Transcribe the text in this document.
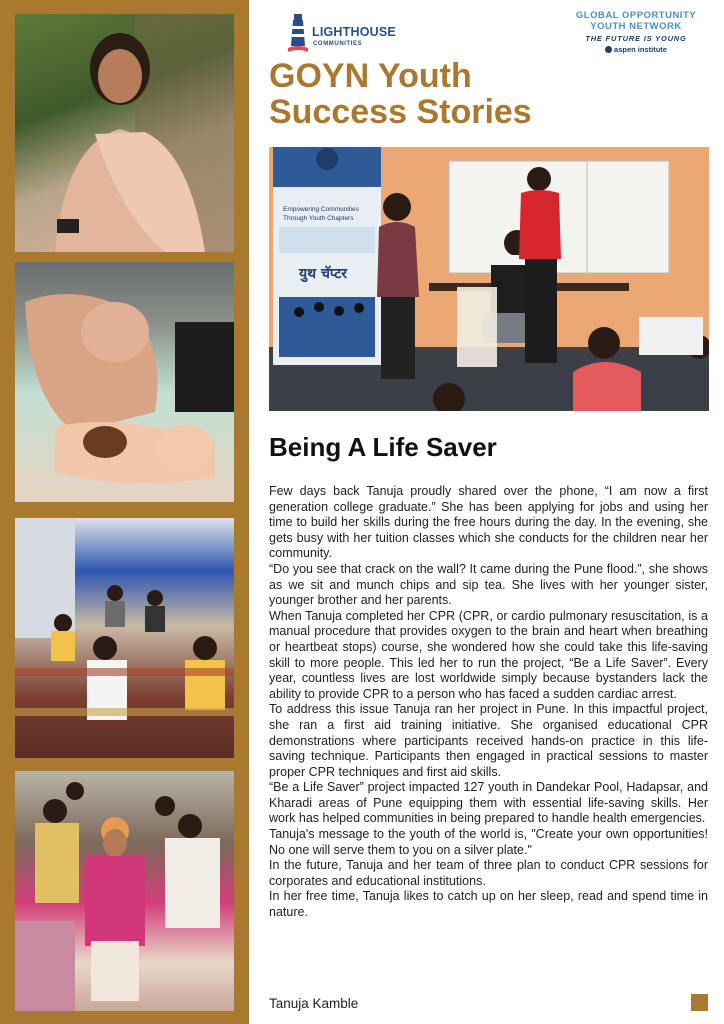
LIGHTHOUSE
COMMUNITIES
GLOBAL OPPORTUNITY
YOUTH NETWORK
THE FUTURE IS YOUNG
aspen institute
GOYN Youth
Success Stories
Empowering Communities
Through Youth Chapters
युथ चॅप्टर
Being A Life Saver

Few days back Tanuja proudly shared over the phone, “I am now a first generation college graduate.” She has been applying for jobs and using her time to build her skills during the free hours during the day. In the evening, she gets busy with her tuition classes which she conducts for the children near her community.

“Do you see that crack on the wall? It came during the Pune flood.”, she shows as we sit and munch chips and sip tea. She lives with her younger sister, younger brother and her parents.

When Tanuja completed her CPR (CPR, or cardio pulmonary resuscitation, is a manual procedure that provides oxygen to the brain and heart when breathing or heartbeat stops) course, she wondered how she could take this life-saving skill to more people. This led her to run the project, “Be a Life Saver”. Every year, countless lives are lost worldwide simply because bystanders lack the ability to provide CPR to a person who has faced a sudden cardiac arrest.

To address this issue Tanuja ran her project in Pune. In this impactful project, she ran a first aid training initiative. She organised educational CPR demonstrations where participants received hands-on practice in this life-saving technique. Participants then engaged in practical sessions to master proper CPR techniques and first aid skills.

“Be a Life Saver” project impacted 127 youth in Dandekar Pool, Hadapsar, and Kharadi areas of Pune equipping them with essential life-saving skills. Her work has helped communities in being prepared to handle health emergencies.

Tanuja's message to the youth of the world is, "Create your own opportunities! No one will serve them to you on a silver plate."

In the future, Tanuja and her team of three plan to conduct CPR sessions for corporates and educational institutions.

In her free time, Tanuja likes to catch up on her sleep, read and spend time in nature.

Tanuja Kamble
